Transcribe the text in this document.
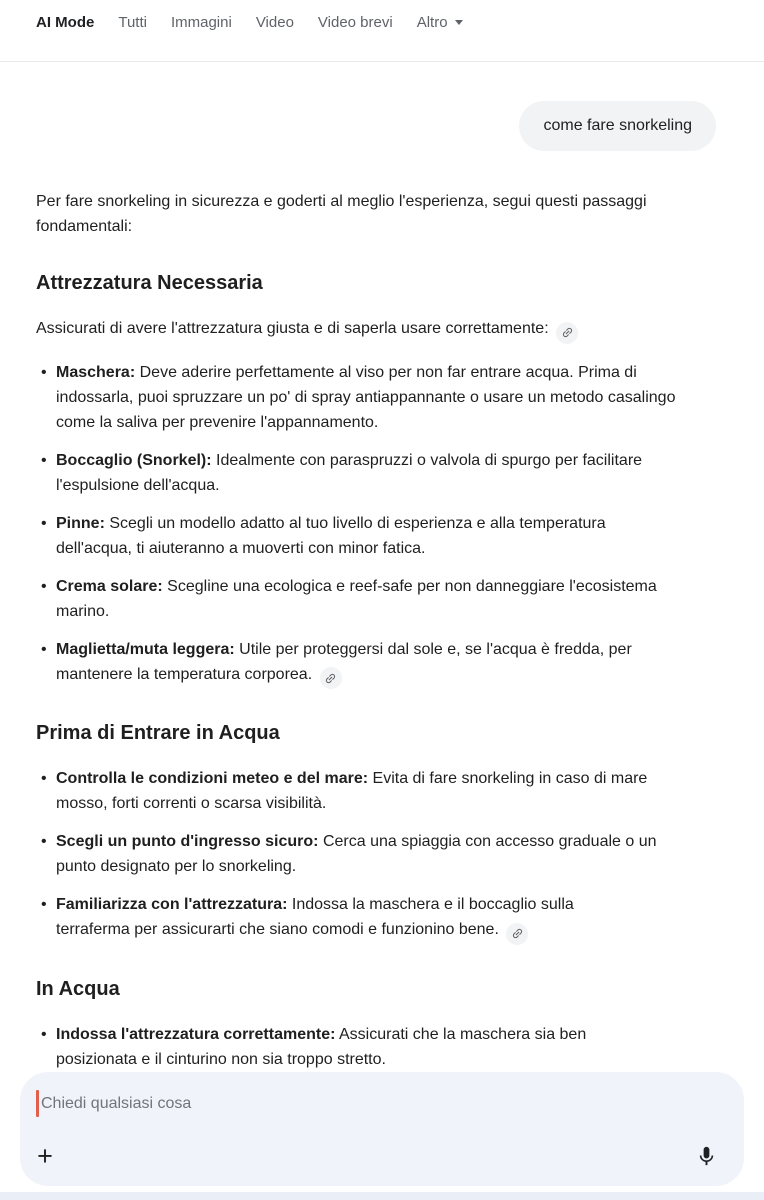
AI Mode Tutti Immagini Video Video brevi Altro
come fare snorkeling

Per fare snorkeling in sicurezza e goderti al meglio l'esperienza, segui questi passaggi fondamentali:

Attrezzatura Necessaria

Assicurati di avere l'attrezzatura giusta e di saperla usare correttamente:

• Maschera: Deve aderire perfettamente al viso per non far entrare acqua. Prima di indossarla, puoi spruzzare un po' di spray antiappannante o usare un metodo casalingo come la saliva per prevenire l'appannamento.
• Boccaglio (Snorkel): Idealmente con paraspruzzi o valvola di spurgo per facilitare l'espulsione dell'acqua.
• Pinne: Scegli un modello adatto al tuo livello di esperienza e alla temperatura dell'acqua, ti aiuteranno a muoverti con minor fatica.
• Crema solare: Scegline una ecologica e reef-safe per non danneggiare l'ecosistema marino.
• Maglietta/muta leggera: Utile per proteggersi dal sole e, se l'acqua è fredda, per mantenere la temperatura corporea.
Prima di Entrare in Acqua
• Controlla le condizioni meteo e del mare: Evita di fare snorkeling in caso di mare mosso, forti correnti o scarsa visibilità.
• Scegli un punto d'ingresso sicuro: Cerca una spiaggia con accesso graduale o un punto designato per lo snorkeling.
• Familiarizza con l'attrezzatura: Indossa la maschera e il boccaglio sulla terraferma per assicurarti che siano comodi e funzionino bene.
In Acqua
• Indossa l'attrezzatura correttamente: Assicurati che la maschera sia ben posizionata e il cinturino non sia troppo stretto.
Chiedi qualsiasi cosa
+
